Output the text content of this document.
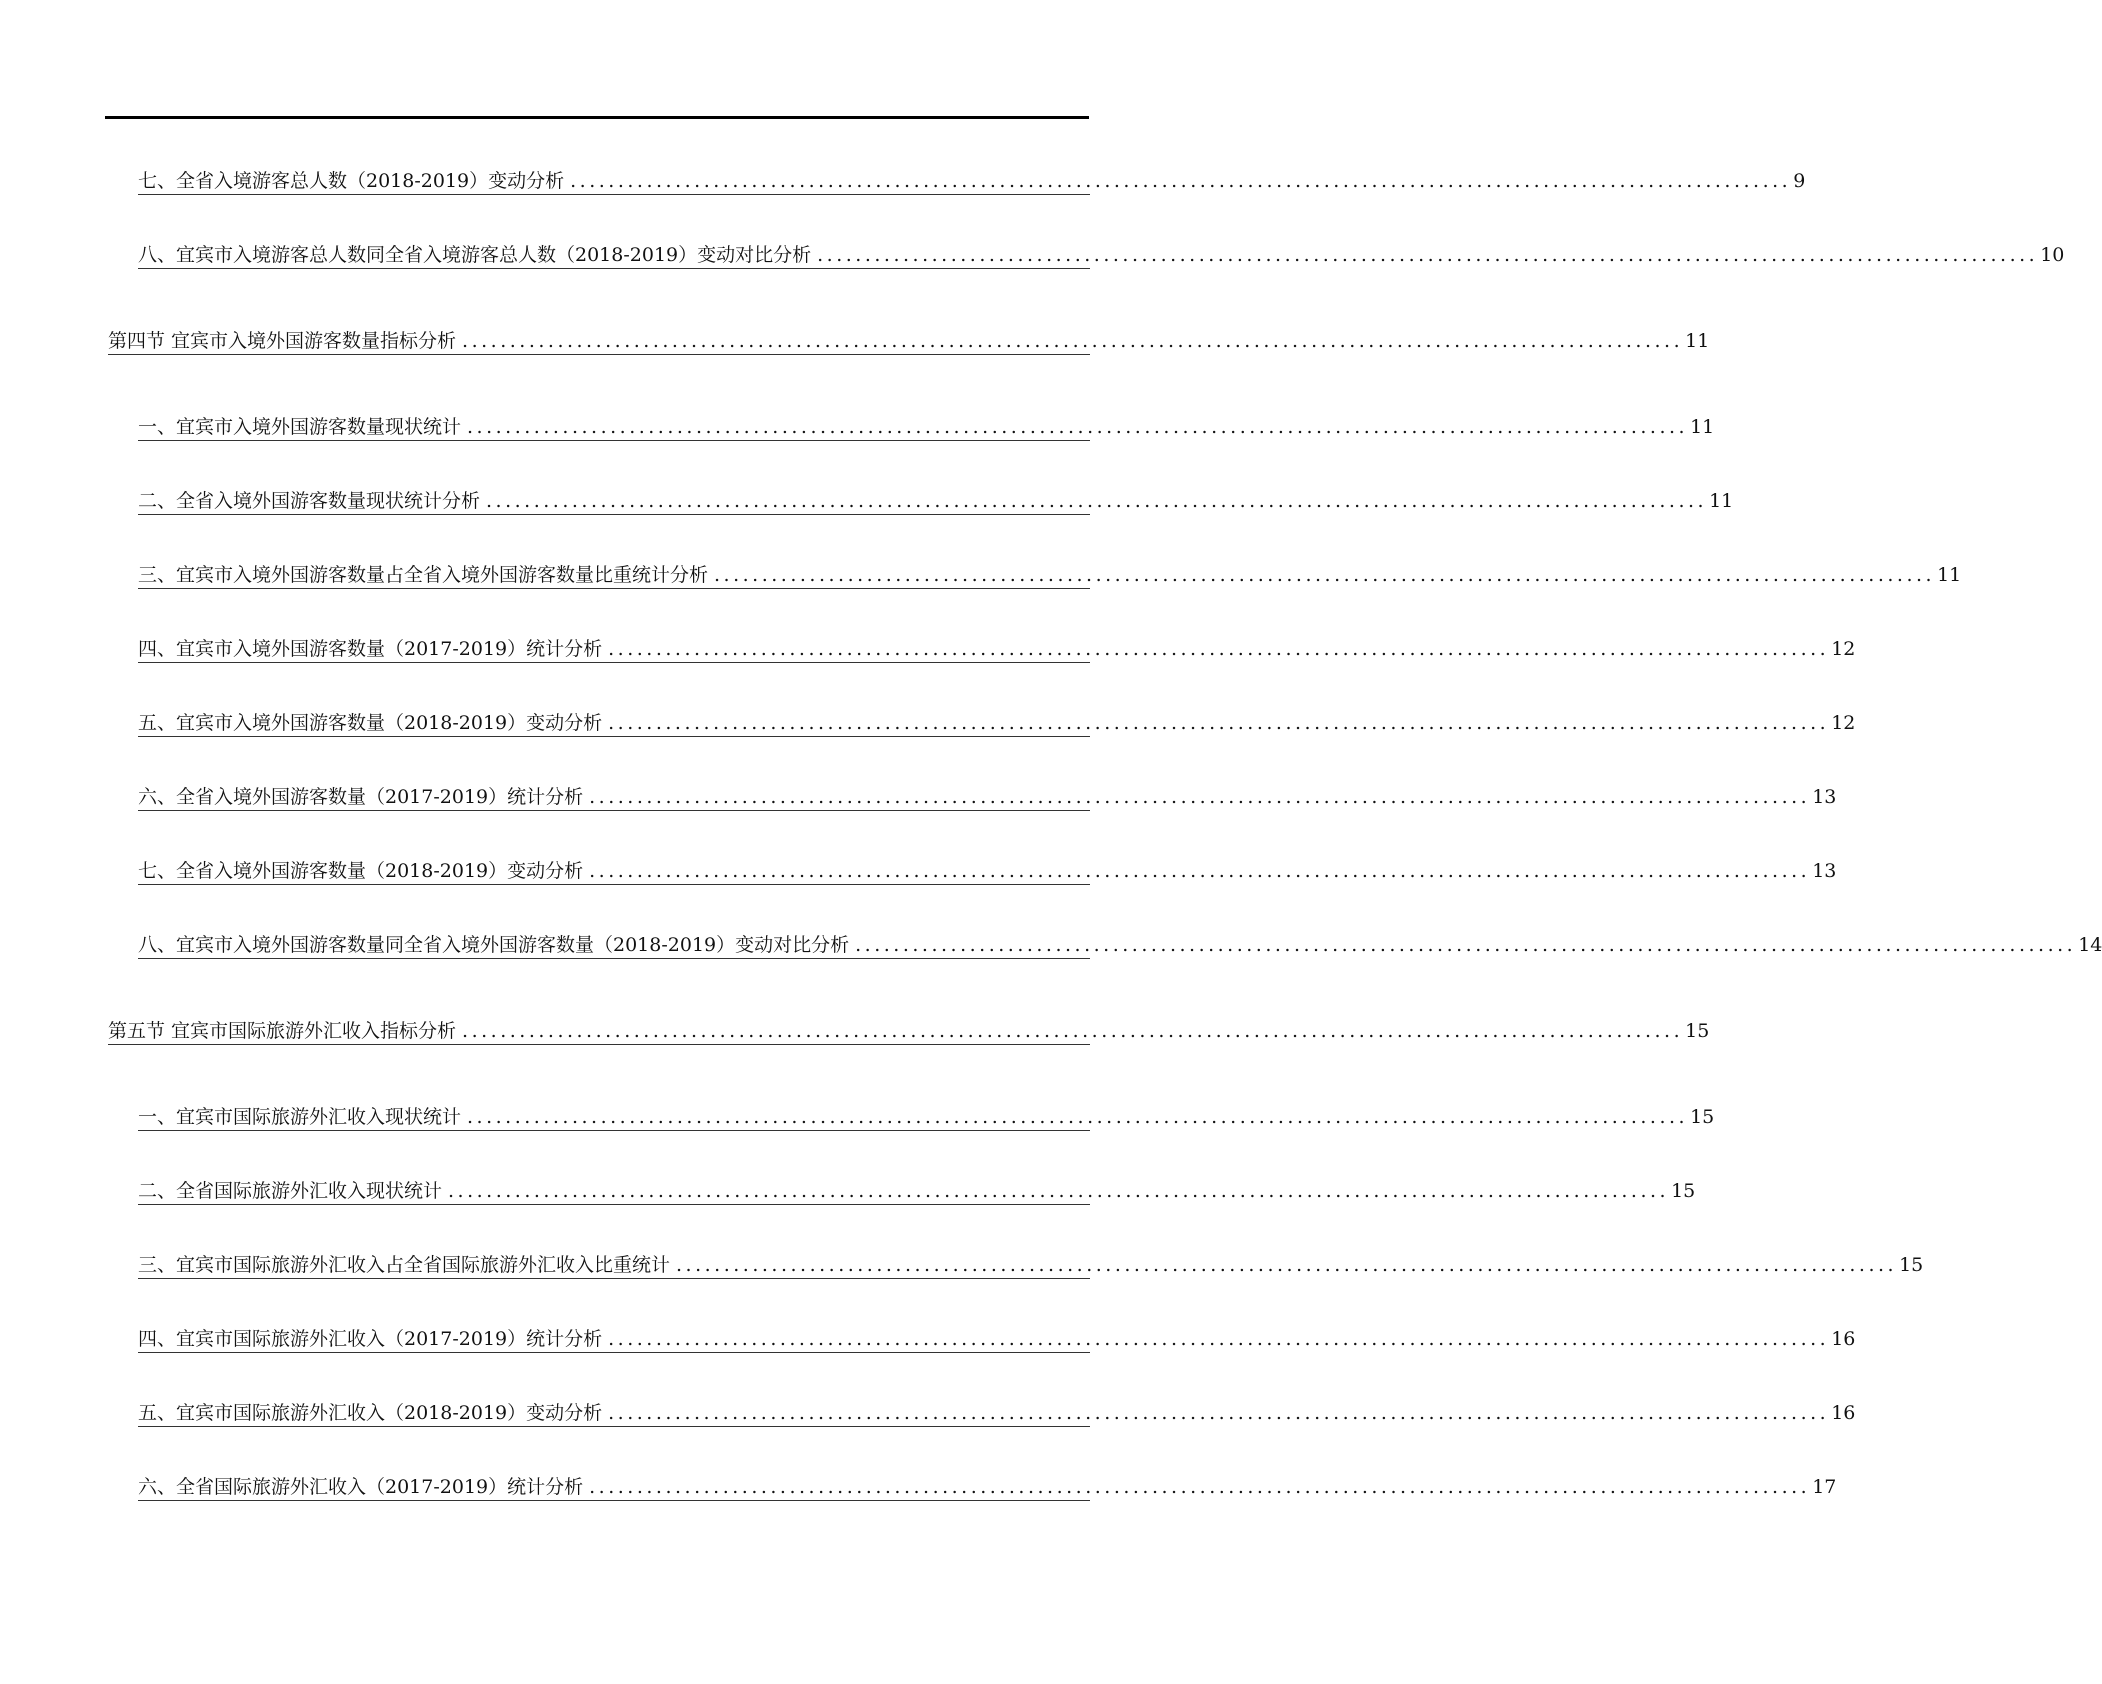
七、全省入境游客总人数（2018-2019）变动分析 ................................................................................................................................ 9
八、宜宾市入境游客总人数同全省入境游客总人数（2018-2019）变动对比分析 ................................................................................................................................ 10
第四节 宜宾市入境外国游客数量指标分析 ................................................................................................................................ 11
一、宜宾市入境外国游客数量现状统计 ................................................................................................................................ 11
二、全省入境外国游客数量现状统计分析 ................................................................................................................................ 11
三、宜宾市入境外国游客数量占全省入境外国游客数量比重统计分析 ................................................................................................................................ 11
四、宜宾市入境外国游客数量（2017-2019）统计分析 ................................................................................................................................ 12
五、宜宾市入境外国游客数量（2018-2019）变动分析 ................................................................................................................................ 12
六、全省入境外国游客数量（2017-2019）统计分析 ................................................................................................................................ 13
七、全省入境外国游客数量（2018-2019）变动分析 ................................................................................................................................ 13
八、宜宾市入境外国游客数量同全省入境外国游客数量（2018-2019）变动对比分析 ................................................................................................................................ 14
第五节 宜宾市国际旅游外汇收入指标分析 ................................................................................................................................ 15
一、宜宾市国际旅游外汇收入现状统计 ................................................................................................................................ 15
二、全省国际旅游外汇收入现状统计 ................................................................................................................................ 15
三、宜宾市国际旅游外汇收入占全省国际旅游外汇收入比重统计 ................................................................................................................................ 15
四、宜宾市国际旅游外汇收入（2017-2019）统计分析 ................................................................................................................................ 16
五、宜宾市国际旅游外汇收入（2018-2019）变动分析 ................................................................................................................................ 16
六、全省国际旅游外汇收入（2017-2019）统计分析 ................................................................................................................................ 17
